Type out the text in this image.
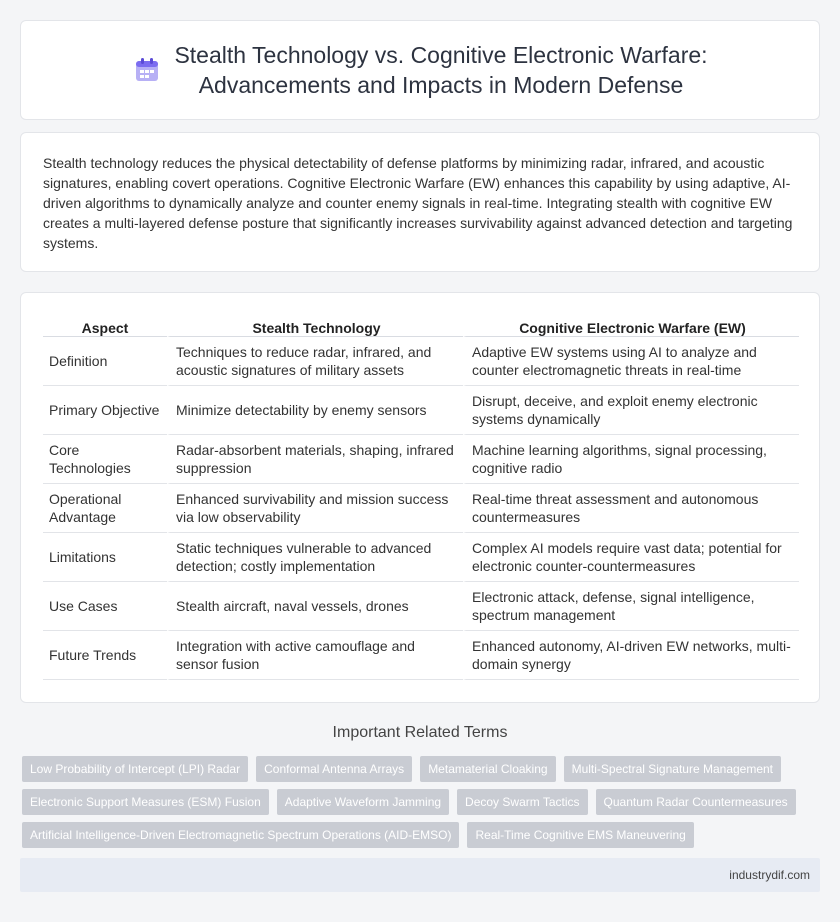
Stealth Technology vs. Cognitive Electronic Warfare:
Advancements and Impacts in Modern Defense

Stealth technology reduces the physical detectability of defense platforms by minimizing radar, infrared, and acoustic signatures, enabling covert operations. Cognitive Electronic Warfare (EW) enhances this capability by using adaptive, AI-driven algorithms to dynamically analyze and counter enemy signals in real-time. Integrating stealth with cognitive EW creates a multi-layered defense posture that significantly increases survivability against advanced detection and targeting systems.

Aspect	Stealth Technology	Cognitive Electronic Warfare (EW)
Definition	Techniques to reduce radar, infrared, and acoustic signatures of military assets	Adaptive EW systems using AI to analyze and counter electromagnetic threats in real-time
Primary Objective	Minimize detectability by enemy sensors	Disrupt, deceive, and exploit enemy electronic systems dynamically
Core Technologies	Radar-absorbent materials, shaping, infrared suppression	Machine learning algorithms, signal processing, cognitive radio
Operational Advantage	Enhanced survivability and mission success via low observability	Real-time threat assessment and autonomous countermeasures
Limitations	Static techniques vulnerable to advanced detection; costly implementation	Complex AI models require vast data; potential for electronic counter-countermeasures
Use Cases	Stealth aircraft, naval vessels, drones	Electronic attack, defense, signal intelligence, spectrum management
Future Trends	Integration with active camouflage and sensor fusion	Enhanced autonomy, AI-driven EW networks, multi-domain synergy
Important Related Terms
Low Probability of Intercept (LPI) Radar	Conformal Antenna Arrays	Metamaterial Cloaking	Multi-Spectral Signature Management
Electronic Support Measures (ESM) Fusion	Adaptive Waveform Jamming	Decoy Swarm Tactics	Quantum Radar Countermeasures
Artificial Intelligence-Driven Electromagnetic Spectrum Operations (AID-EMSO)	Real-Time Cognitive EMS Maneuvering
industrydif.com
